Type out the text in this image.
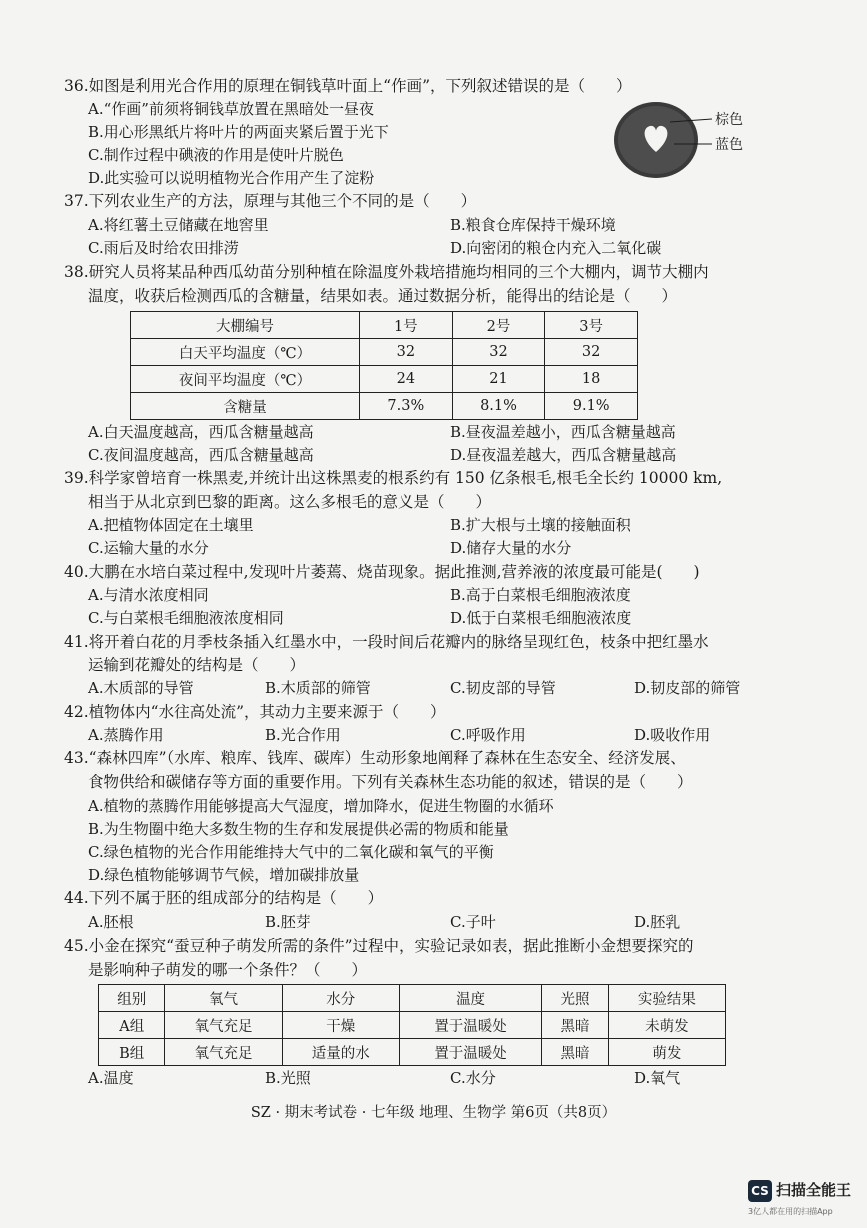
36.如图是利用光合作用的原理在铜钱草叶面上“作画”，下列叙述错误的是（　　）
A.“作画”前须将铜钱草放置在黑暗处一昼夜
B.用心形黑纸片将叶片的两面夹紧后置于光下
C.制作过程中碘液的作用是使叶片脱色
D.此实验可以说明植物光合作用产生了淀粉
棕色
蓝色
37.下列农业生产的方法，原理与其他三个不同的是（　　）
A.将红薯土豆储藏在地窖里	B.粮食仓库保持干燥环境
C.雨后及时给农田排涝	D.向密闭的粮仓内充入二氧化碳
38.研究人员将某品种西瓜幼苗分别种植在除温度外栽培措施均相同的三个大棚内，调节大棚内
温度，收获后检测西瓜的含糖量，结果如表。通过数据分析，能得出的结论是（　　）
大棚编号	1号	2号	3号
白天平均温度（℃）	32	32	32
夜间平均温度（℃）	24	21	18
含糖量	7.3%	8.1%	9.1%
A.白天温度越高，西瓜含糖量越高	B.昼夜温差越小，西瓜含糖量越高
C.夜间温度越高，西瓜含糖量越高	D.昼夜温差越大，西瓜含糖量越高
39.科学家曾培育一株黑麦,并统计出这株黑麦的根系约有 150 亿条根毛,根毛全长约 10000 km,
相当于从北京到巴黎的距离。这么多根毛的意义是（　　）
A.把植物体固定在土壤里	B.扩大根与土壤的接触面积
C.运输大量的水分	D.储存大量的水分
40.大鹏在水培白菜过程中,发现叶片萎蔫、烧苗现象。据此推测,营养液的浓度最可能是(　　)
A.与清水浓度相同	B.高于白菜根毛细胞液浓度
C.与白菜根毛细胞液浓度相同	D.低于白菜根毛细胞液浓度
41.将开着白花的月季枝条插入红墨水中，一段时间后花瓣内的脉络呈现红色，枝条中把红墨水
运输到花瓣处的结构是（　　）
A.木质部的导管	B.木质部的筛管	C.韧皮部的导管	D.韧皮部的筛管
42.植物体内“水往高处流”，其动力主要来源于（　　）
A.蒸腾作用	B.光合作用	C.呼吸作用	D.吸收作用
43.“森林四库”（水库、粮库、钱库、碳库）生动形象地阐释了森林在生态安全、经济发展、
食物供给和碳储存等方面的重要作用。下列有关森林生态功能的叙述，错误的是（　　）
A.植物的蒸腾作用能够提高大气湿度，增加降水，促进生物圈的水循环
B.为生物圈中绝大多数生物的生存和发展提供必需的物质和能量
C.绿色植物的光合作用能维持大气中的二氧化碳和氧气的平衡
D.绿色植物能够调节气候，增加碳排放量
44.下列不属于胚的组成部分的结构是（　　）
A.胚根	B.胚芽	C.子叶	D.胚乳
45.小金在探究“蚕豆种子萌发所需的条件”过程中，实验记录如表，据此推断小金想要探究的
是影响种子萌发的哪一个条件？（　　）
组别	氧气	水分	温度	光照	实验结果
A组	氧气充足	干燥	置于温暖处	黑暗	未萌发
B组	氧气充足	适量的水	置于温暖处	黑暗	萌发
A.温度	B.光照	C.水分	D.氧气
SZ · 期末考试卷 · 七年级 地理、生物学 第6页（共8页）
CS 扫描全能王
3亿人都在用的扫描App
